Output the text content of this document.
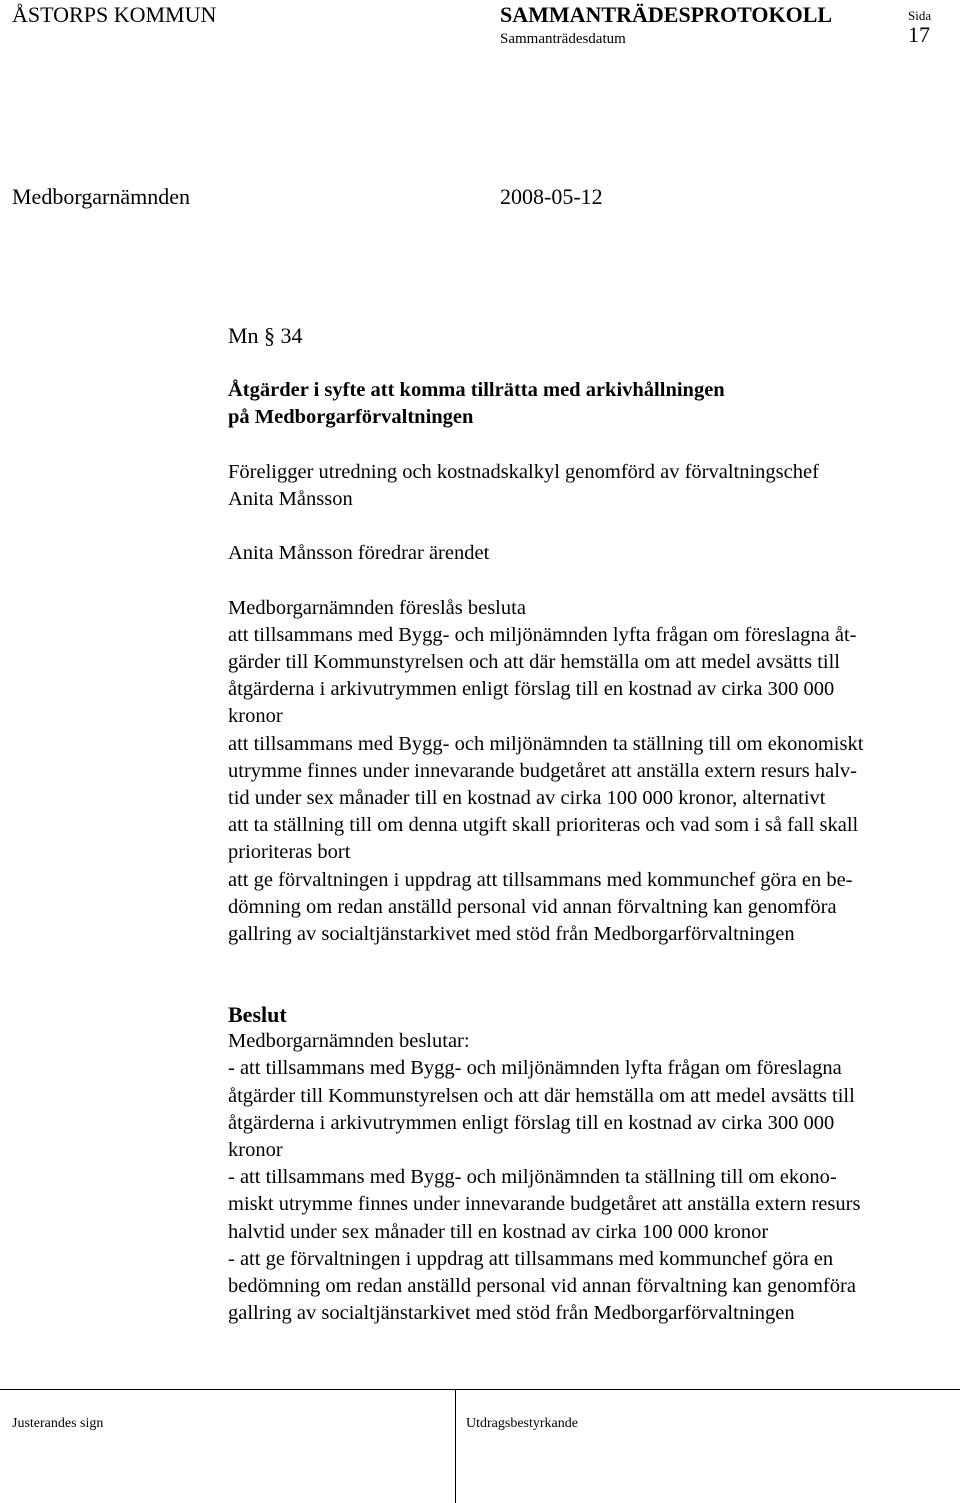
ÅSTORPS KOMMUN	SAMMANTRÄDESPROTOKOLL	Sida
17
Sammanträdesdatum
Medborgarnämnden	2008-05-12
Mn § 34
Åtgärder i syfte att komma tillrätta med arkivhållningen
på Medborgarförvaltningen
Föreligger utredning och kostnadskalkyl genomförd av förvaltningschef
Anita Månsson
Anita Månsson föredrar ärendet
Medborgarnämnden föreslås besluta
att tillsammans med Bygg- och miljönämnden lyfta frågan om föreslagna åt-
gärder till Kommunstyrelsen och att där hemställa om att medel avsätts till
åtgärderna i arkivutrymmen enligt förslag till en kostnad av cirka 300 000
kronor
att tillsammans med Bygg- och miljönämnden ta ställning till om ekonomiskt
utrymme finnes under innevarande budgetåret att anställa extern resurs halv-
tid under sex månader till en kostnad av cirka 100 000 kronor, alternativt
att ta ställning till om denna utgift skall prioriteras och vad som i så fall skall
prioriteras bort
att ge förvaltningen i uppdrag att tillsammans med kommunchef göra en be-
dömning om redan anställd personal vid annan förvaltning kan genomföra
gallring av socialtjänstarkivet med stöd från Medborgarförvaltningen
Beslut
Medborgarnämnden beslutar:
- att tillsammans med Bygg- och miljönämnden lyfta frågan om föreslagna
åtgärder till Kommunstyrelsen och att där hemställa om att medel avsätts till
åtgärderna i arkivutrymmen enligt förslag till en kostnad av cirka 300 000
kronor
- att tillsammans med Bygg- och miljönämnden ta ställning till om ekono-
miskt utrymme finnes under innevarande budgetåret att anställa extern resurs
halvtid under sex månader till en kostnad av cirka 100 000 kronor
- att ge förvaltningen i uppdrag att tillsammans med kommunchef göra en
bedömning om redan anställd personal vid annan förvaltning kan genomföra
gallring av socialtjänstarkivet med stöd från Medborgarförvaltningen
Justerandes sign	Utdragsbestyrkande
